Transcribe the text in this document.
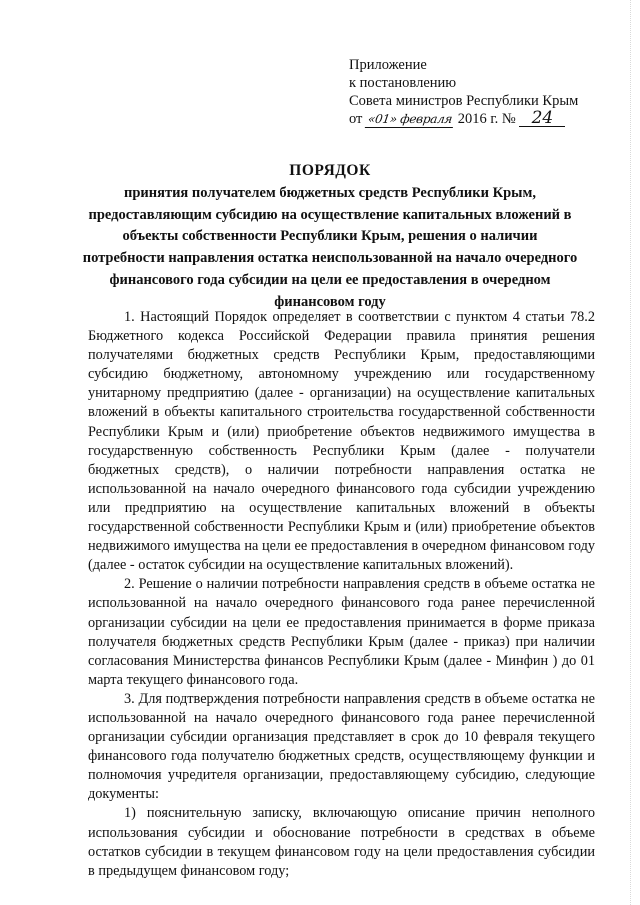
Приложение
к постановлению
Совета министров Республики Крым
от «01» февраля 2016 г. № 24
ПОРЯДОК
принятия получателем бюджетных средств Республики Крым, предоставляющим субсидию на осуществление капитальных вложений в объекты собственности Республики Крым, решения о наличии потребности направления остатка неиспользованной на начало очередного финансового года субсидии на цели ее предоставления в очередном финансовом году

1. Настоящий Порядок определяет в соответствии с пунктом 4 статьи 78.2 Бюджетного кодекса Российской Федерации правила принятия решения получателями бюджетных средств Республики Крым, предоставляющими субсидию бюджетному, автономному учреждению или государственному унитарному предприятию (далее - организации) на осуществление капитальных вложений в объекты капитального строительства государственной собственности Республики Крым и (или) приобретение объектов недвижимого имущества в государственную собственность Республики Крым (далее - получатели бюджетных средств), о наличии потребности направления остатка не использованной на начало очередного финансового года субсидии учреждению или предприятию на осуществление капитальных вложений в объекты государственной собственности Республики Крым и (или) приобретение объектов недвижимого имущества на цели ее предоставления в очередном финансовом году (далее - остаток субсидии на осуществление капитальных вложений).

2. Решение о наличии потребности направления средств в объеме остатка не использованной на начало очередного финансового года ранее перечисленной организации субсидии на цели ее предоставления принимается в форме приказа получателя бюджетных средств Республики Крым (далее - приказ) при наличии согласования Министерства финансов Республики Крым (далее - Минфин ) до 01 марта текущего финансового года.

3. Для подтверждения потребности направления средств в объеме остатка не использованной на начало очередного финансового года ранее перечисленной организации субсидии организация представляет в срок до 10 февраля текущего финансового года получателю бюджетных средств, осуществляющему функции и полномочия учредителя организации, предоставляющему субсидию, следующие документы:

1) пояснительную записку, включающую описание причин неполного использования субсидии и обоснование потребности в средствах в объеме остатков субсидии в текущем финансовом году на цели предоставления субсидии в предыдущем финансовом году;
